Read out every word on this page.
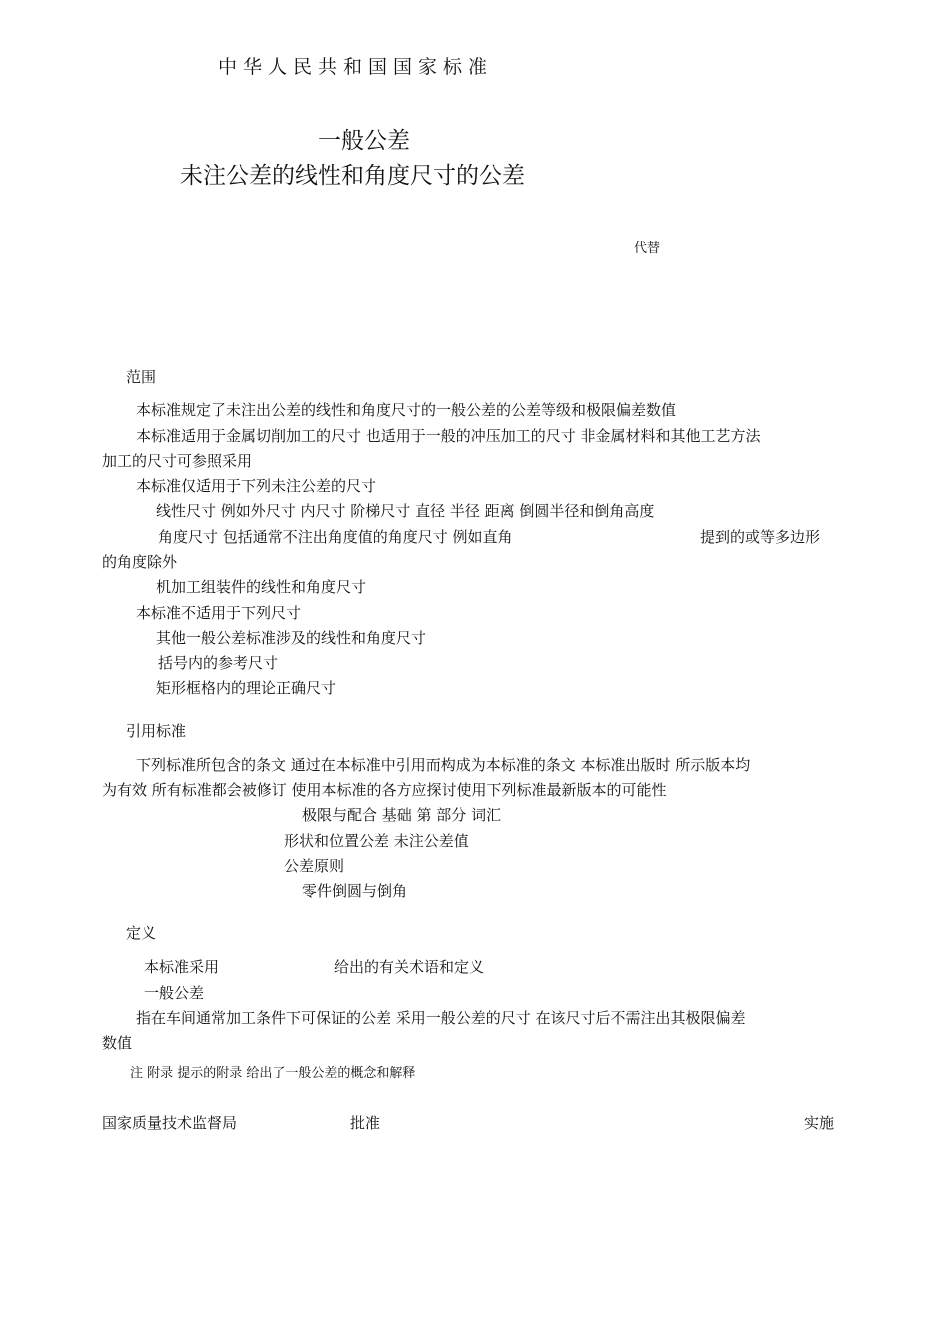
中华人民共和国国家标准
一般公差
未注公差的线性和角度尺寸的公差
代替
范围
本标准规定了未注出公差的线性和角度尺寸的一般公差的公差等级和极限偏差数值
本标准适用于金属切削加工的尺寸 也适用于一般的冲压加工的尺寸 非金属材料和其他工艺方法
加工的尺寸可参照采用
本标准仅适用于下列未注公差的尺寸
线性尺寸 例如外尺寸 内尺寸 阶梯尺寸 直径 半径 距离 倒圆半径和倒角高度
角度尺寸 包括通常不注出角度值的角度尺寸 例如直角	提到的或等多边形
的角度除外
机加工组装件的线性和角度尺寸
本标准不适用于下列尺寸
其他一般公差标准涉及的线性和角度尺寸
括号内的参考尺寸
矩形框格内的理论正确尺寸
引用标准
下列标准所包含的条文 通过在本标准中引用而构成为本标准的条文 本标准出版时 所示版本均
为有效 所有标准都会被修订 使用本标准的各方应探讨使用下列标准最新版本的可能性
极限与配合 基础 第 部分 词汇
形状和位置公差 未注公差值
公差原则
零件倒圆与倒角
定义
本标准采用	给出的有关术语和定义
一般公差
指在车间通常加工条件下可保证的公差 采用一般公差的尺寸 在该尺寸后不需注出其极限偏差
数值
注 附录 提示的附录 给出了一般公差的概念和解释
国家质量技术监督局	批准	实施
